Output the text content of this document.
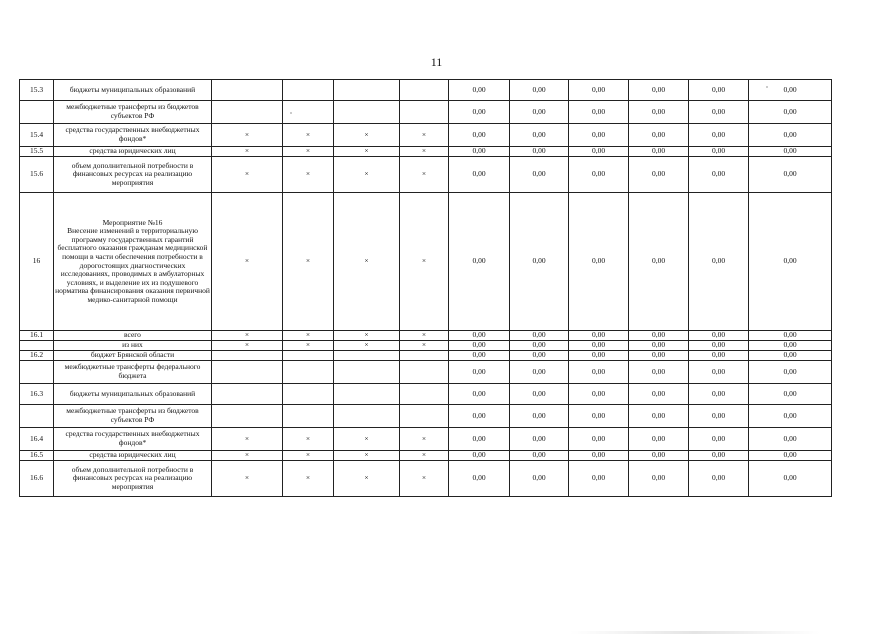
11
15.3	бюджеты муниципальных образований					0,00	0,00	0,00	0,00	0,00	0,00
	межбюджетные трансферты из бюджетов субъектов РФ					0,00	0,00	0,00	0,00	0,00	0,00
15.4	средства государственных внебюджетных фондов*	×	×	×	×	0,00	0,00	0,00	0,00	0,00	0,00
15.5	средства юридических лиц	×	×	×	×	0,00	0,00	0,00	0,00	0,00	0,00
15.6	объем дополнительной потребности в финансовых ресурсах на реализацию мероприятия	×	×	×	×	0,00	0,00	0,00	0,00	0,00	0,00
16	Мероприятие №16
Внесение изменений в территориальную программу государственных гарантий бесплатного оказания гражданам медицинской помощи в части обеспечения потребности в дорогостоящих диагностических исследованиях, проводимых в амбулаторных условиях, и выделение их из подушевого норматива финансирования оказания первичной медико-санитарной помощи	×	×	×	×	0,00	0,00	0,00	0,00	0,00	0,00
16.1	всего	×	×	×	×	0,00	0,00	0,00	0,00	0,00	0,00
	из них	×	×	×	×	0,00	0,00	0,00	0,00	0,00	0,00
16.2	бюджет Брянской области					0,00	0,00	0,00	0,00	0,00	0,00
	межбюджетные трансферты федерального бюджета					0,00	0,00	0,00	0,00	0,00	0,00
16.3	бюджеты муниципальных образований					0,00	0,00	0,00	0,00	0,00	0,00
	межбюджетные трансферты из бюджетов субъектов РФ					0,00	0,00	0,00	0,00	0,00	0,00
16.4	средства государственных внебюджетных фондов*	×	×	×	×	0,00	0,00	0,00	0,00	0,00	0,00
16.5	средства юридических лиц	×	×	×	×	0,00	0,00	0,00	0,00	0,00	0,00
16.6	объем дополнительной потребности в финансовых ресурсах на реализацию мероприятия	×	×	×	×	0,00	0,00	0,00	0,00	0,00	0,00
